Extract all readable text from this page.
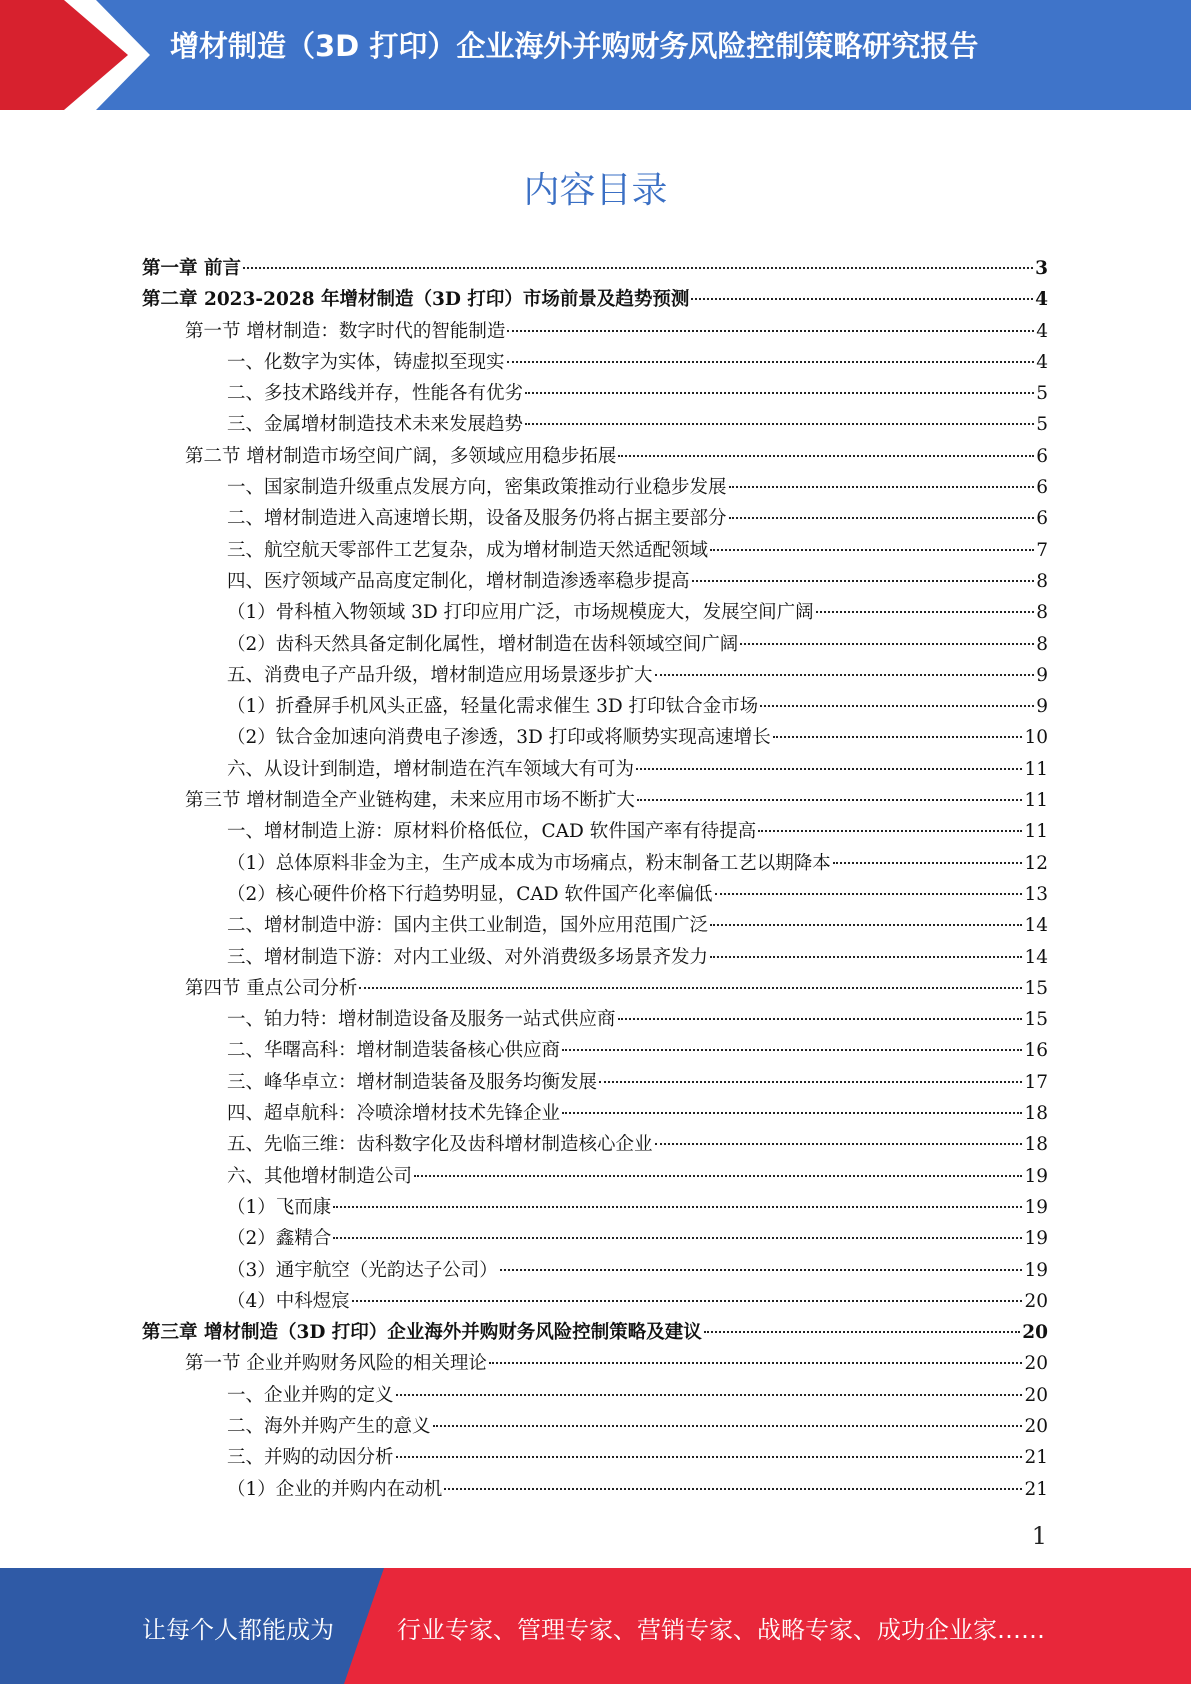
增材制造（3D 打印）企业海外并购财务风险控制策略研究报告
内容目录
第一章 前言	3
第二章 2023-2028 年增材制造（3D 打印）市场前景及趋势预测	4
第一节 增材制造：数字时代的智能制造	4
一、化数字为实体，铸虚拟至现实	4
二、多技术路线并存，性能各有优劣	5
三、金属增材制造技术未来发展趋势	5
第二节 增材制造市场空间广阔，多领域应用稳步拓展	6
一、国家制造升级重点发展方向，密集政策推动行业稳步发展	6
二、增材制造进入高速增长期，设备及服务仍将占据主要部分	6
三、航空航天零部件工艺复杂，成为增材制造天然适配领域	7
四、医疗领域产品高度定制化，增材制造渗透率稳步提高	8
（1）骨科植入物领域 3D 打印应用广泛，市场规模庞大，发展空间广阔	8
（2）齿科天然具备定制化属性，增材制造在齿科领域空间广阔	8
五、消费电子产品升级，增材制造应用场景逐步扩大	9
（1）折叠屏手机风头正盛，轻量化需求催生 3D 打印钛合金市场	9
（2）钛合金加速向消费电子渗透，3D 打印或将顺势实现高速增长	10
六、从设计到制造，增材制造在汽车领域大有可为	11
第三节 增材制造全产业链构建，未来应用市场不断扩大	11
一、增材制造上游：原材料价格低位，CAD 软件国产率有待提高	11
（1）总体原料非金为主，生产成本成为市场痛点，粉末制备工艺以期降本	12
（2）核心硬件价格下行趋势明显，CAD 软件国产化率偏低	13
二、增材制造中游：国内主供工业制造，国外应用范围广泛	14
三、增材制造下游：对内工业级、对外消费级多场景齐发力	14
第四节 重点公司分析	15
一、铂力特：增材制造设备及服务一站式供应商	15
二、华曙高科：增材制造装备核心供应商	16
三、峰华卓立：增材制造装备及服务均衡发展	17
四、超卓航科：冷喷涂增材技术先锋企业	18
五、先临三维：齿科数字化及齿科增材制造核心企业	18
六、其他增材制造公司	19
（1）飞而康	19
（2）鑫精合	19
（3）通宇航空（光韵达子公司）	19
（4）中科煜宸	20
第三章 增材制造（3D 打印）企业海外并购财务风险控制策略及建议	20
第一节 企业并购财务风险的相关理论	20
一、企业并购的定义	20
二、海外并购产生的意义	20
三、并购的动因分析	21
（1）企业的并购内在动机	21
1
让每个人都能成为	行业专家、管理专家、营销专家、战略专家、成功企业家……
